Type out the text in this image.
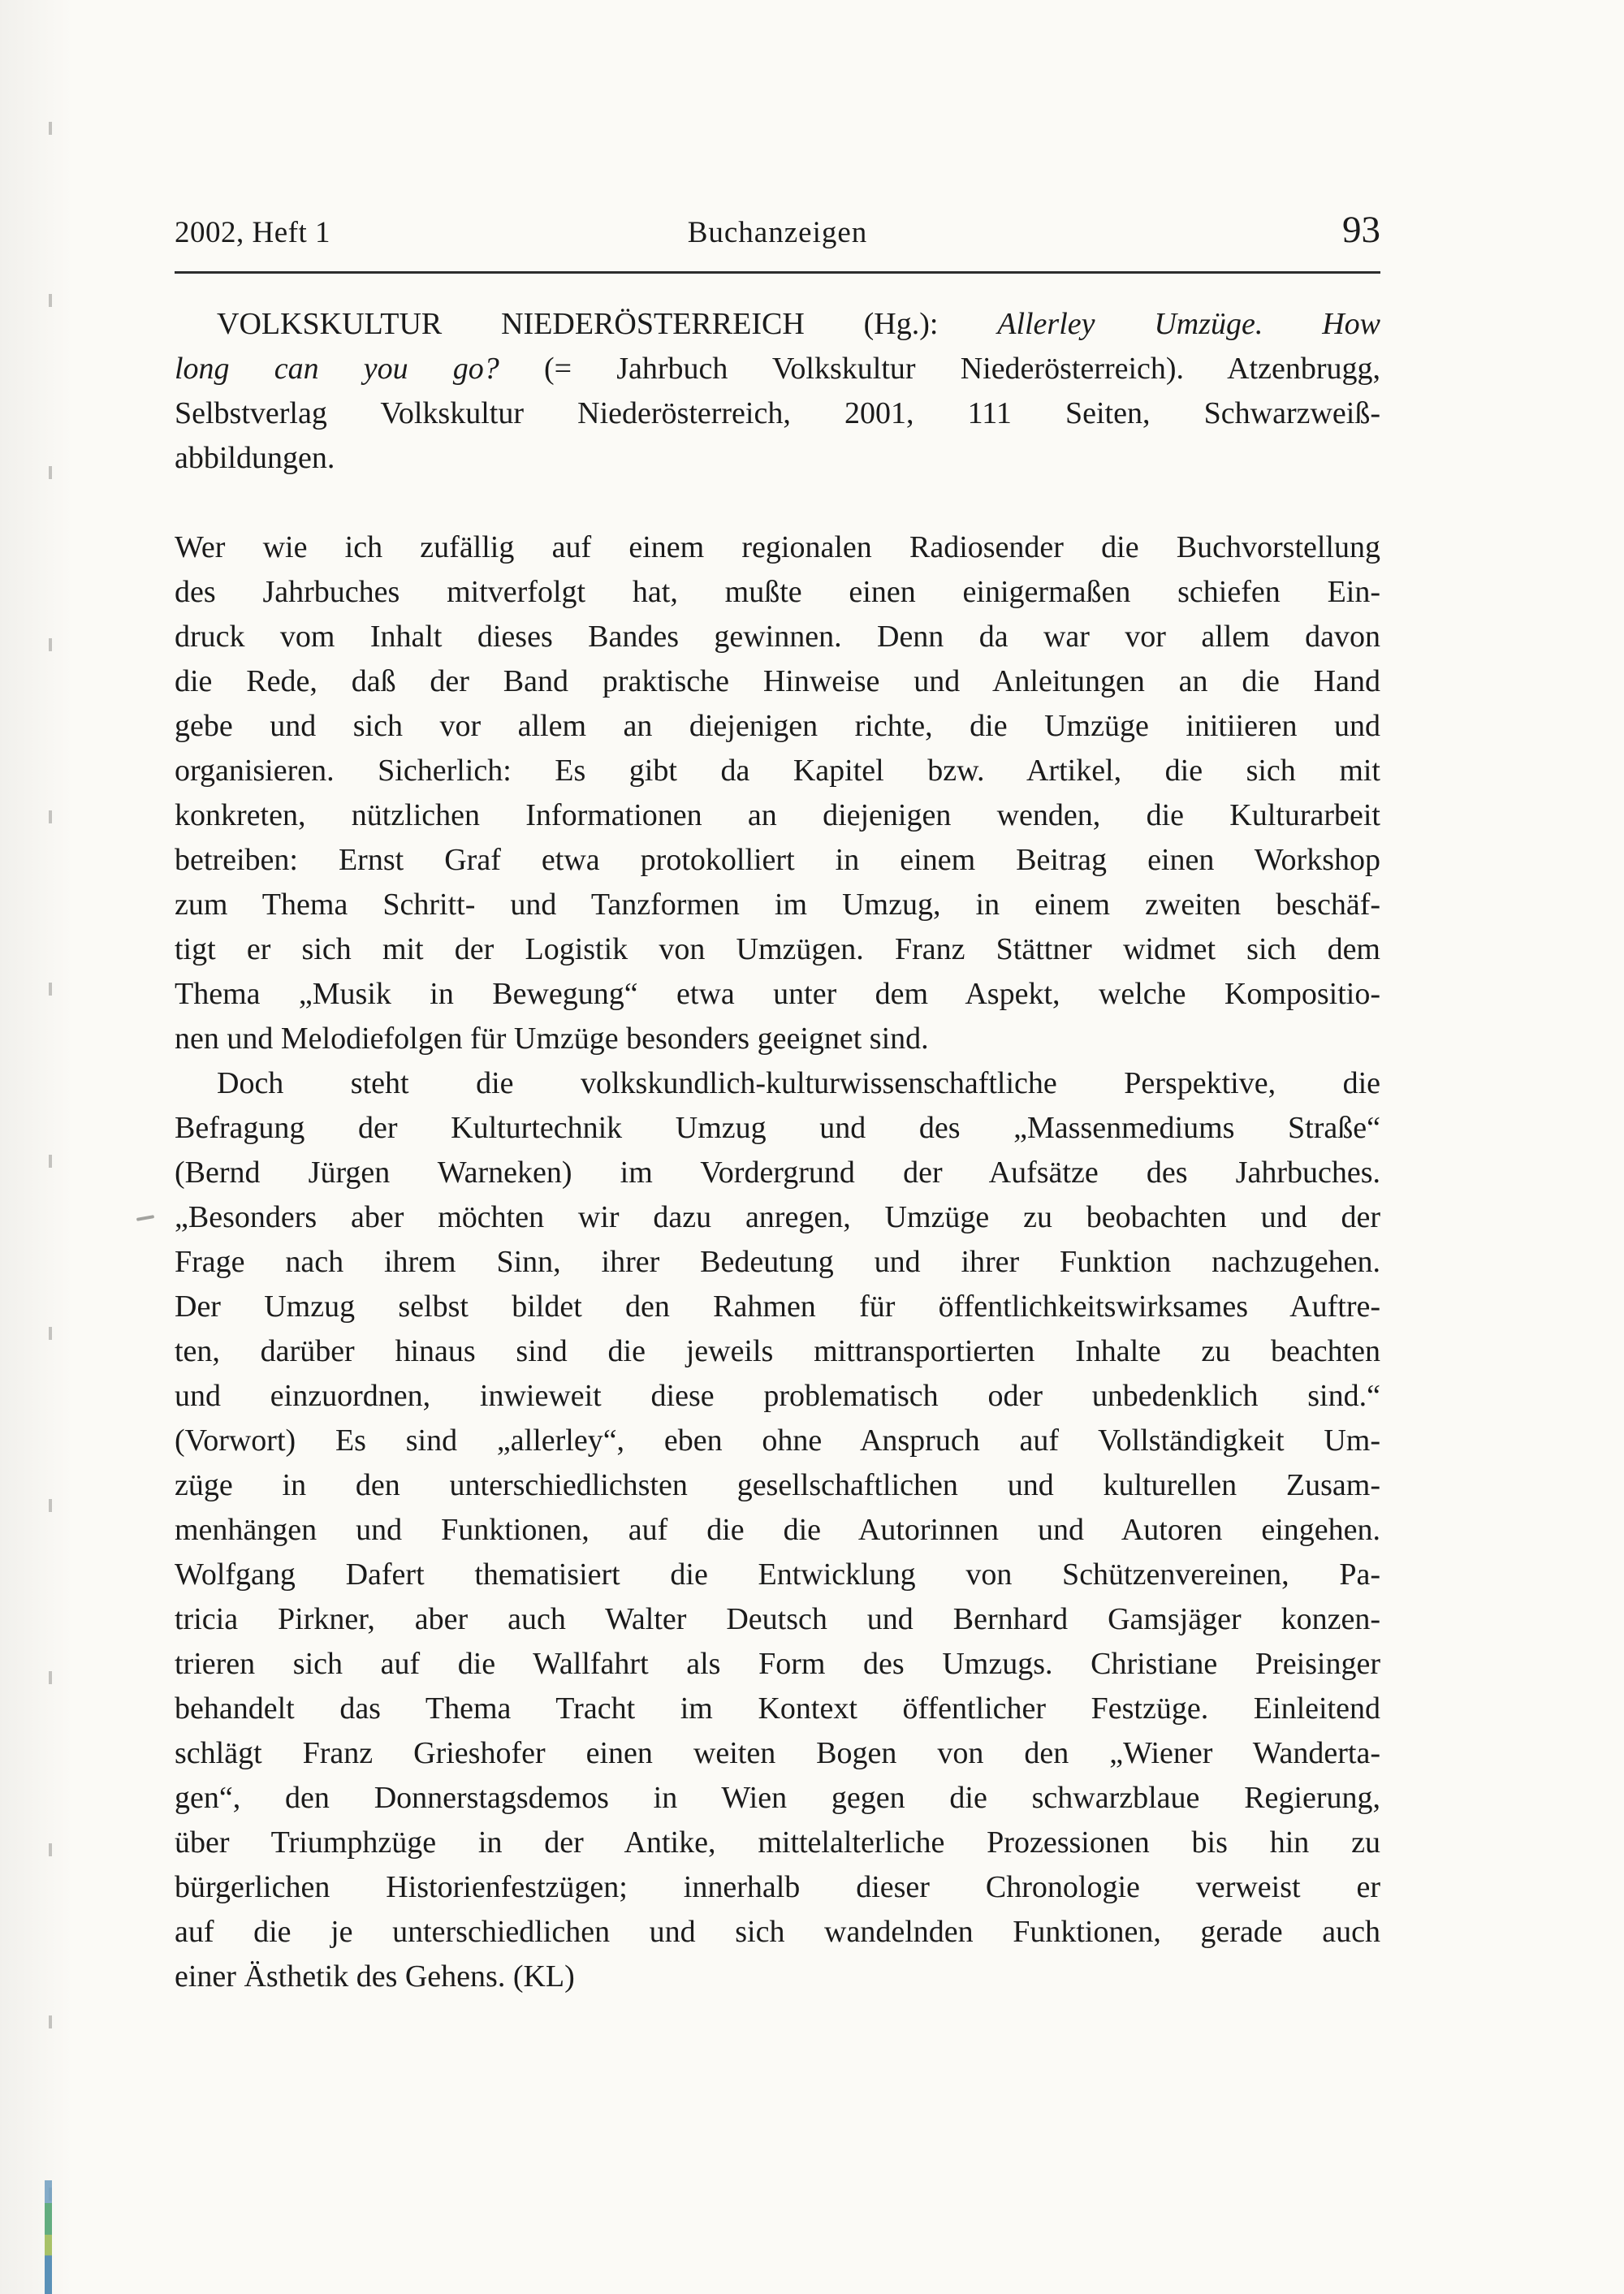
2002, Heft 1	Buchanzeigen	93
VOLKSKULTUR NIEDERÖSTERREICH (Hg.): Allerley Umzüge. How
long can you go? (= Jahrbuch Volkskultur Niederösterreich). Atzenbrugg,
Selbstverlag Volkskultur Niederösterreich, 2001, 111 Seiten, Schwarzweiß-
abbildungen.
Wer wie ich zufällig auf einem regionalen Radiosender die Buchvorstellung
des Jahrbuches mitverfolgt hat, mußte einen einigermaßen schiefen Ein-
druck vom Inhalt dieses Bandes gewinnen. Denn da war vor allem davon
die Rede, daß der Band praktische Hinweise und Anleitungen an die Hand
gebe und sich vor allem an diejenigen richte, die Umzüge initiieren und
organisieren. Sicherlich: Es gibt da Kapitel bzw. Artikel, die sich mit
konkreten, nützlichen Informationen an diejenigen wenden, die Kulturarbeit
betreiben: Ernst Graf etwa protokolliert in einem Beitrag einen Workshop
zum Thema Schritt- und Tanzformen im Umzug, in einem zweiten beschäf-
tigt er sich mit der Logistik von Umzügen. Franz Stättner widmet sich dem
Thema „Musik in Bewegung“ etwa unter dem Aspekt, welche Kompositio-
nen und Melodiefolgen für Umzüge besonders geeignet sind.
Doch steht die volkskundlich-kulturwissenschaftliche Perspektive, die
Befragung der Kulturtechnik Umzug und des „Massenmediums Straße“
(Bernd Jürgen Warneken) im Vordergrund der Aufsätze des Jahrbuches.
„Besonders aber möchten wir dazu anregen, Umzüge zu beobachten und der
Frage nach ihrem Sinn, ihrer Bedeutung und ihrer Funktion nachzugehen.
Der Umzug selbst bildet den Rahmen für öffentlichkeitswirksames Auftre-
ten, darüber hinaus sind die jeweils mittransportierten Inhalte zu beachten
und einzuordnen, inwieweit diese problematisch oder unbedenklich sind.“
(Vorwort) Es sind „allerley“, eben ohne Anspruch auf Vollständigkeit Um-
züge in den unterschiedlichsten gesellschaftlichen und kulturellen Zusam-
menhängen und Funktionen, auf die die Autorinnen und Autoren eingehen.
Wolfgang Dafert thematisiert die Entwicklung von Schützenvereinen, Pa-
tricia Pirkner, aber auch Walter Deutsch und Bernhard Gamsjäger konzen-
trieren sich auf die Wallfahrt als Form des Umzugs. Christiane Preisinger
behandelt das Thema Tracht im Kontext öffentlicher Festzüge. Einleitend
schlägt Franz Grieshofer einen weiten Bogen von den „Wiener Wanderta-
gen“, den Donnerstagsdemos in Wien gegen die schwarzblaue Regierung,
über Triumphzüge in der Antike, mittelalterliche Prozessionen bis hin zu
bürgerlichen Historienfestzügen; innerhalb dieser Chronologie verweist er
auf die je unterschiedlichen und sich wandelnden Funktionen, gerade auch
einer Ästhetik des Gehens. (KL)
